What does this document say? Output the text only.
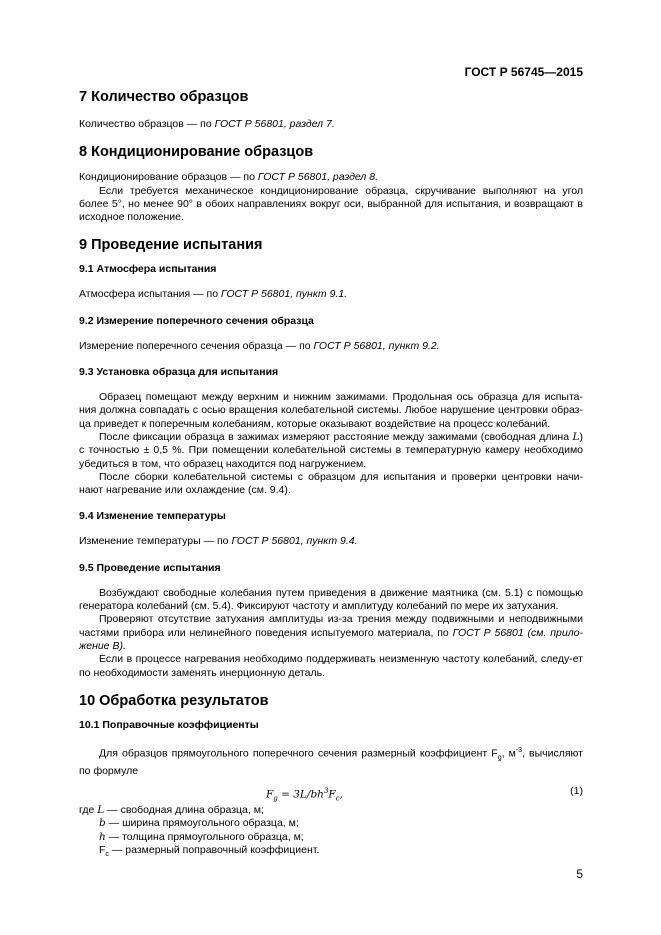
ГОСТ Р 56745—2015
7 Количество образцов

Количество образцов — по ГОСТ Р 56801, раздел 7.

8 Кондиционирование образцов

Кондиционирование образцов — по ГОСТ Р 56801, раздел 8.

Если требуется механическое кондиционирование образца, скручивание выполняют на угол более 5°, но менее 90° в обоих направлениях вокруг оси, выбранной для испытания, и возвращают в исходное положение.

9 Проведение испытания
9.1 Атмосфера испытания

Атмосфера испытания — по ГОСТ Р 56801, пункт 9.1.

9.2 Измерение поперечного сечения образца

Измерение поперечного сечения образца — по ГОСТ Р 56801, пункт 9.2.

9.3 Установка образца для испытания

Образец помещают между верхним и нижним зажимами. Продольная ось образца для испыта-ния должна совпадать с осью вращения колебательной системы. Любое нарушение центровки образ-ца приведет к поперечным колебаниям, которые оказывают воздействие на процесс колебаний.

После фиксации образца в зажимах измеряют расстояние между зажимами (свободная длина L) с точностью ± 0,5 %. При помещении колебательной системы в температурную камеру необходимо убедиться в том, что образец находится под нагружением.

После сборки колебательной системы с образцом для испытания и проверки центровки начи-нают нагревание или охлаждение (см. 9.4).

9.4 Изменение температуры

Изменение температуры — по ГОСТ Р 56801, пункт 9.4.

9.5 Проведение испытания

Возбуждают свободные колебания путем приведения в движение маятника (см. 5.1) с помощью генератора колебаний (см. 5.4). Фиксируют частоту и амплитуду колебаний по мере их затухания.

Проверяют отсутствие затухания амплитуды из-за трения между подвижными и неподвижными частями прибора или нелинейного поведения испытуемого материала, по ГОСТ Р 56801 (см. прило-жение В).

Если в процессе нагревания необходимо поддерживать неизменную частоту колебаний, следу-ет по необходимости заменять инерционную деталь.

10 Обработка результатов
10.1 Поправочные коэффициенты

Для образцов прямоугольного поперечного сечения размерный коэффициент $F_g$, $м^{-3}$, вычисляют по формуле

$F_g = 3L/bh^3F_c$,	(1)

где L — свободная длина образца, м;

b — ширина прямоугольного образца, м;

h — толщина прямоугольного образца, м;

$F_c$ — размерный поправочный коэффициент.

5
